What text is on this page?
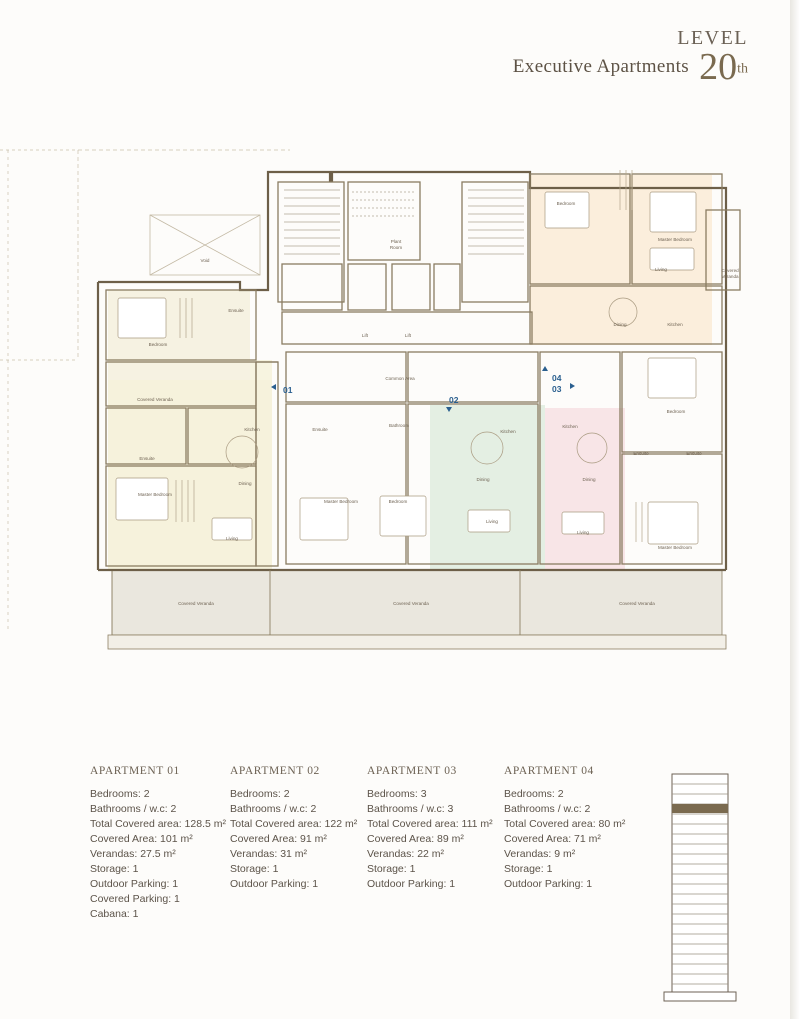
LEVEL
Executive Apartments 20th
Void
Plant
Room
Lift	Lift
Common Area
Bedroom
Ensuite
Covered Veranda
Ensuite
Master Bedroom
Kitchen
Dining
Living
Ensuite
Bathroom
Master Bedroom	Bedroom
Kitchen
Dining
Living
Kitchen
Dining
Living
Ensuite	Ensuite
Bedroom
Master Bedroom
Bedroom
Master Bedroom
Living
Dining	Kitchen
Covered
Veranda
Covered Veranda	Covered Veranda	Covered Veranda
01
02
03
04
APARTMENT 01
Bedrooms: 2
Bathrooms / w.c: 2
Total Covered area: 128.5 m²
Covered Area: 101 m²
Verandas: 27.5 m²
Storage: 1
Outdoor Parking: 1
Covered Parking: 1
Cabana: 1
APARTMENT 02
Bedrooms: 2
Bathrooms / w.c: 2
Total Covered area: 122 m²
Covered Area: 91 m²
Verandas: 31 m²
Storage: 1
Outdoor Parking: 1
APARTMENT 03
Bedrooms: 3
Bathrooms / w.c: 3
Total Covered area: 111 m²
Covered Area: 89 m²
Verandas: 22 m²
Storage: 1
Outdoor Parking: 1
APARTMENT 04
Bedrooms: 2
Bathrooms / w.c: 2
Total Covered area: 80 m²
Covered Area: 71 m²
Verandas: 9 m²
Storage: 1
Outdoor Parking: 1
